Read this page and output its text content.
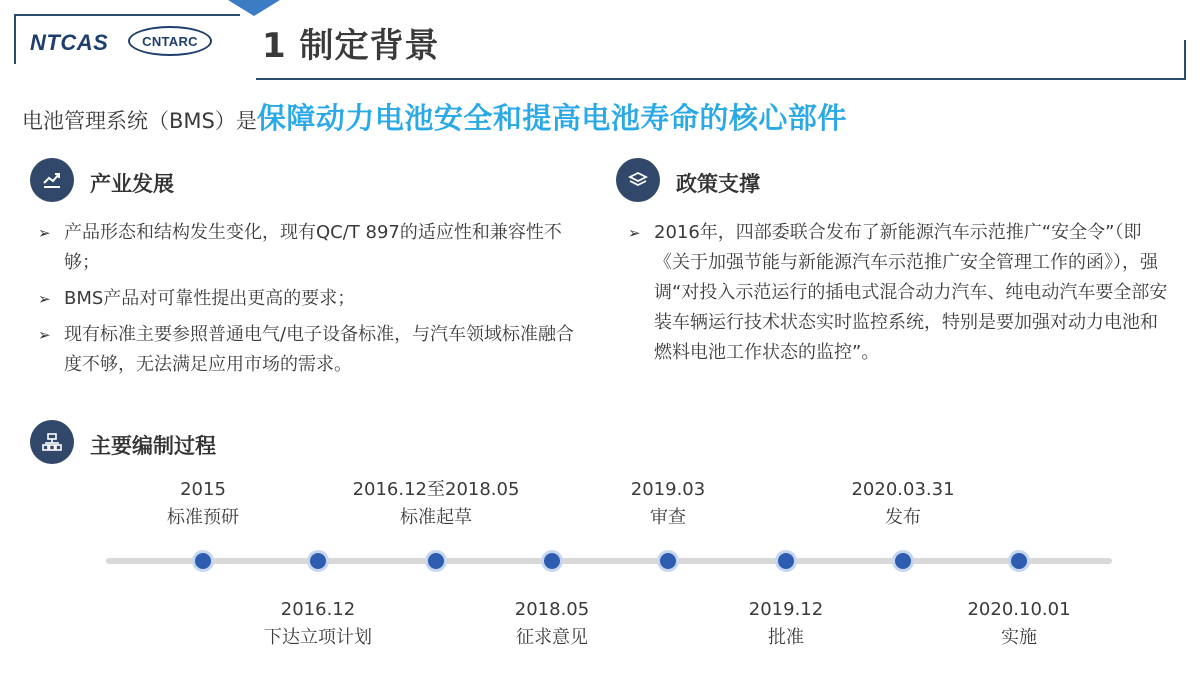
NTCAS	CNTARC	1 制定背景
电池管理系统（BMS）是保障动力电池安全和提高电池寿命的核心部件
产业发展
➢ 产品形态和结构发生变化，现有QC/T 897的适应性和兼容性不够；
➢ BMS产品对可靠性提出更高的要求；
➢ 现有标准主要参照普通电气/电子设备标准，与汽车领域标准融合度不够，无法满足应用市场的需求。
政策支撑
➢ 2016年，四部委联合发布了新能源汽车示范推广“安全令”（即《关于加强节能与新能源汽车示范推广安全管理工作的函》），强调“对投入示范运行的插电式混合动力汽车、纯电动汽车要全部安装车辆运行技术状态实时监控系统，特别是要加强对动力电池和燃料电池工作状态的监控”。
主要编制过程
2015
标准预研
2016.12
下达立项计划
2016.12至2018.05
标准起草
2018.05
征求意见
2019.03
审查
2019.12
批准
2020.03.31
发布
2020.10.01
实施
